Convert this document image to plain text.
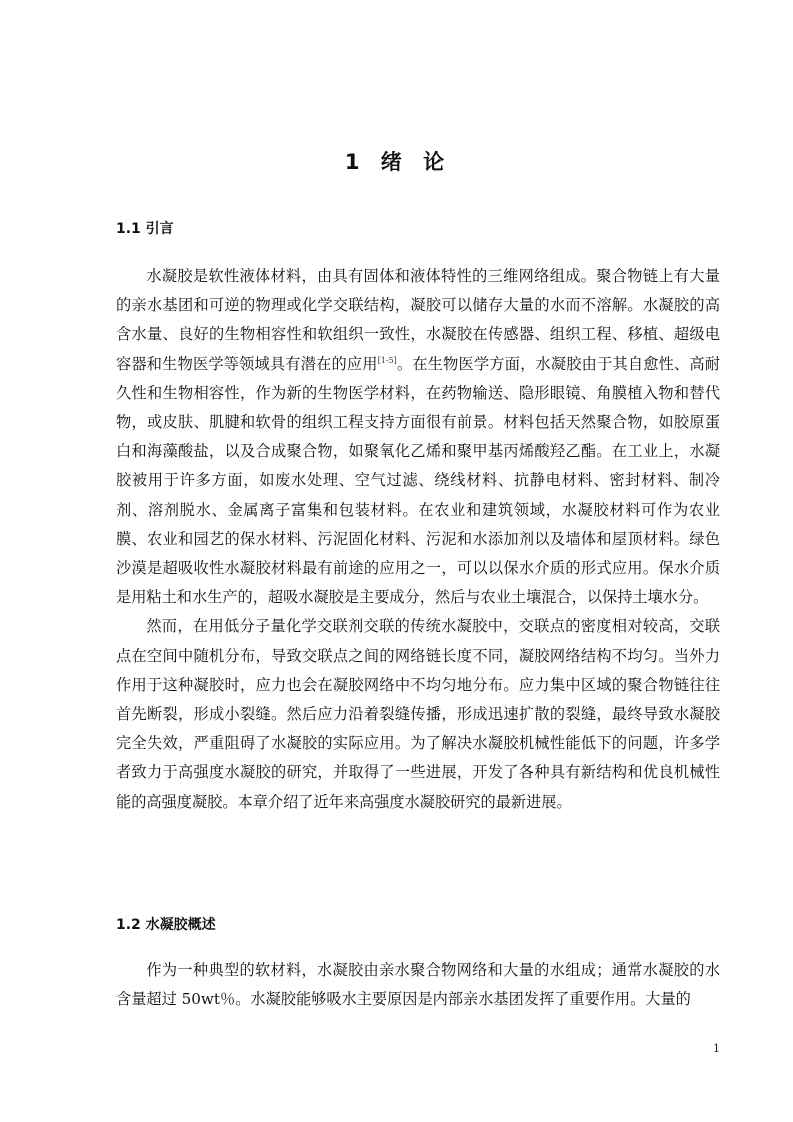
1 绪 论
1.1 引言

水凝胶是软性液体材料，由具有固体和液体特性的三维网络组成。聚合物链上有大量的亲水基团和可逆的物理或化学交联结构，凝胶可以储存大量的水而不溶解。水凝胶的高含水量、良好的生物相容性和软组织一致性，水凝胶在传感器、组织工程、移植、超级电容器和生物医学等领域具有潜在的应用[1-5]。在生物医学方面，水凝胶由于其自愈性、高耐久性和生物相容性，作为新的生物医学材料，在药物输送、隐形眼镜、角膜植入物和替代物，或皮肤、肌腱和软骨的组织工程支持方面很有前景。材料包括天然聚合物，如胶原蛋白和海藻酸盐，以及合成聚合物，如聚氧化乙烯和聚甲基丙烯酸羟乙酯。在工业上，水凝胶被用于许多方面，如废水处理、空气过滤、绕线材料、抗静电材料、密封材料、制冷剂、溶剂脱水、金属离子富集和包装材料。在农业和建筑领域，水凝胶材料可作为农业膜、农业和园艺的保水材料、污泥固化材料、污泥和水添加剂以及墙体和屋顶材料。绿色沙漠是超吸收性水凝胶材料最有前途的应用之一，可以以保水介质的形式应用。保水介质是用粘土和水生产的，超吸水凝胶是主要成分，然后与农业土壤混合，以保持土壤水分。

然而，在用低分子量化学交联剂交联的传统水凝胶中，交联点的密度相对较高，交联点在空间中随机分布，导致交联点之间的网络链长度不同，凝胶网络结构不均匀。当外力作用于这种凝胶时，应力也会在凝胶网络中不均匀地分布。应力集中区域的聚合物链往往首先断裂，形成小裂缝。然后应力沿着裂缝传播，形成迅速扩散的裂缝，最终导致水凝胶完全失效，严重阻碍了水凝胶的实际应用。为了解决水凝胶机械性能低下的问题，许多学者致力于高强度水凝胶的研究，并取得了一些进展，开发了各种具有新结构和优良机械性能的高强度凝胶。本章介绍了近年来高强度水凝胶研究的最新进展。

1.2 水凝胶概述

作为一种典型的软材料，水凝胶由亲水聚合物网络和大量的水组成；通常水凝胶的水含量超过 50wt％。水凝胶能够吸水主要原因是内部亲水基团发挥了重要作用。大量的

1
